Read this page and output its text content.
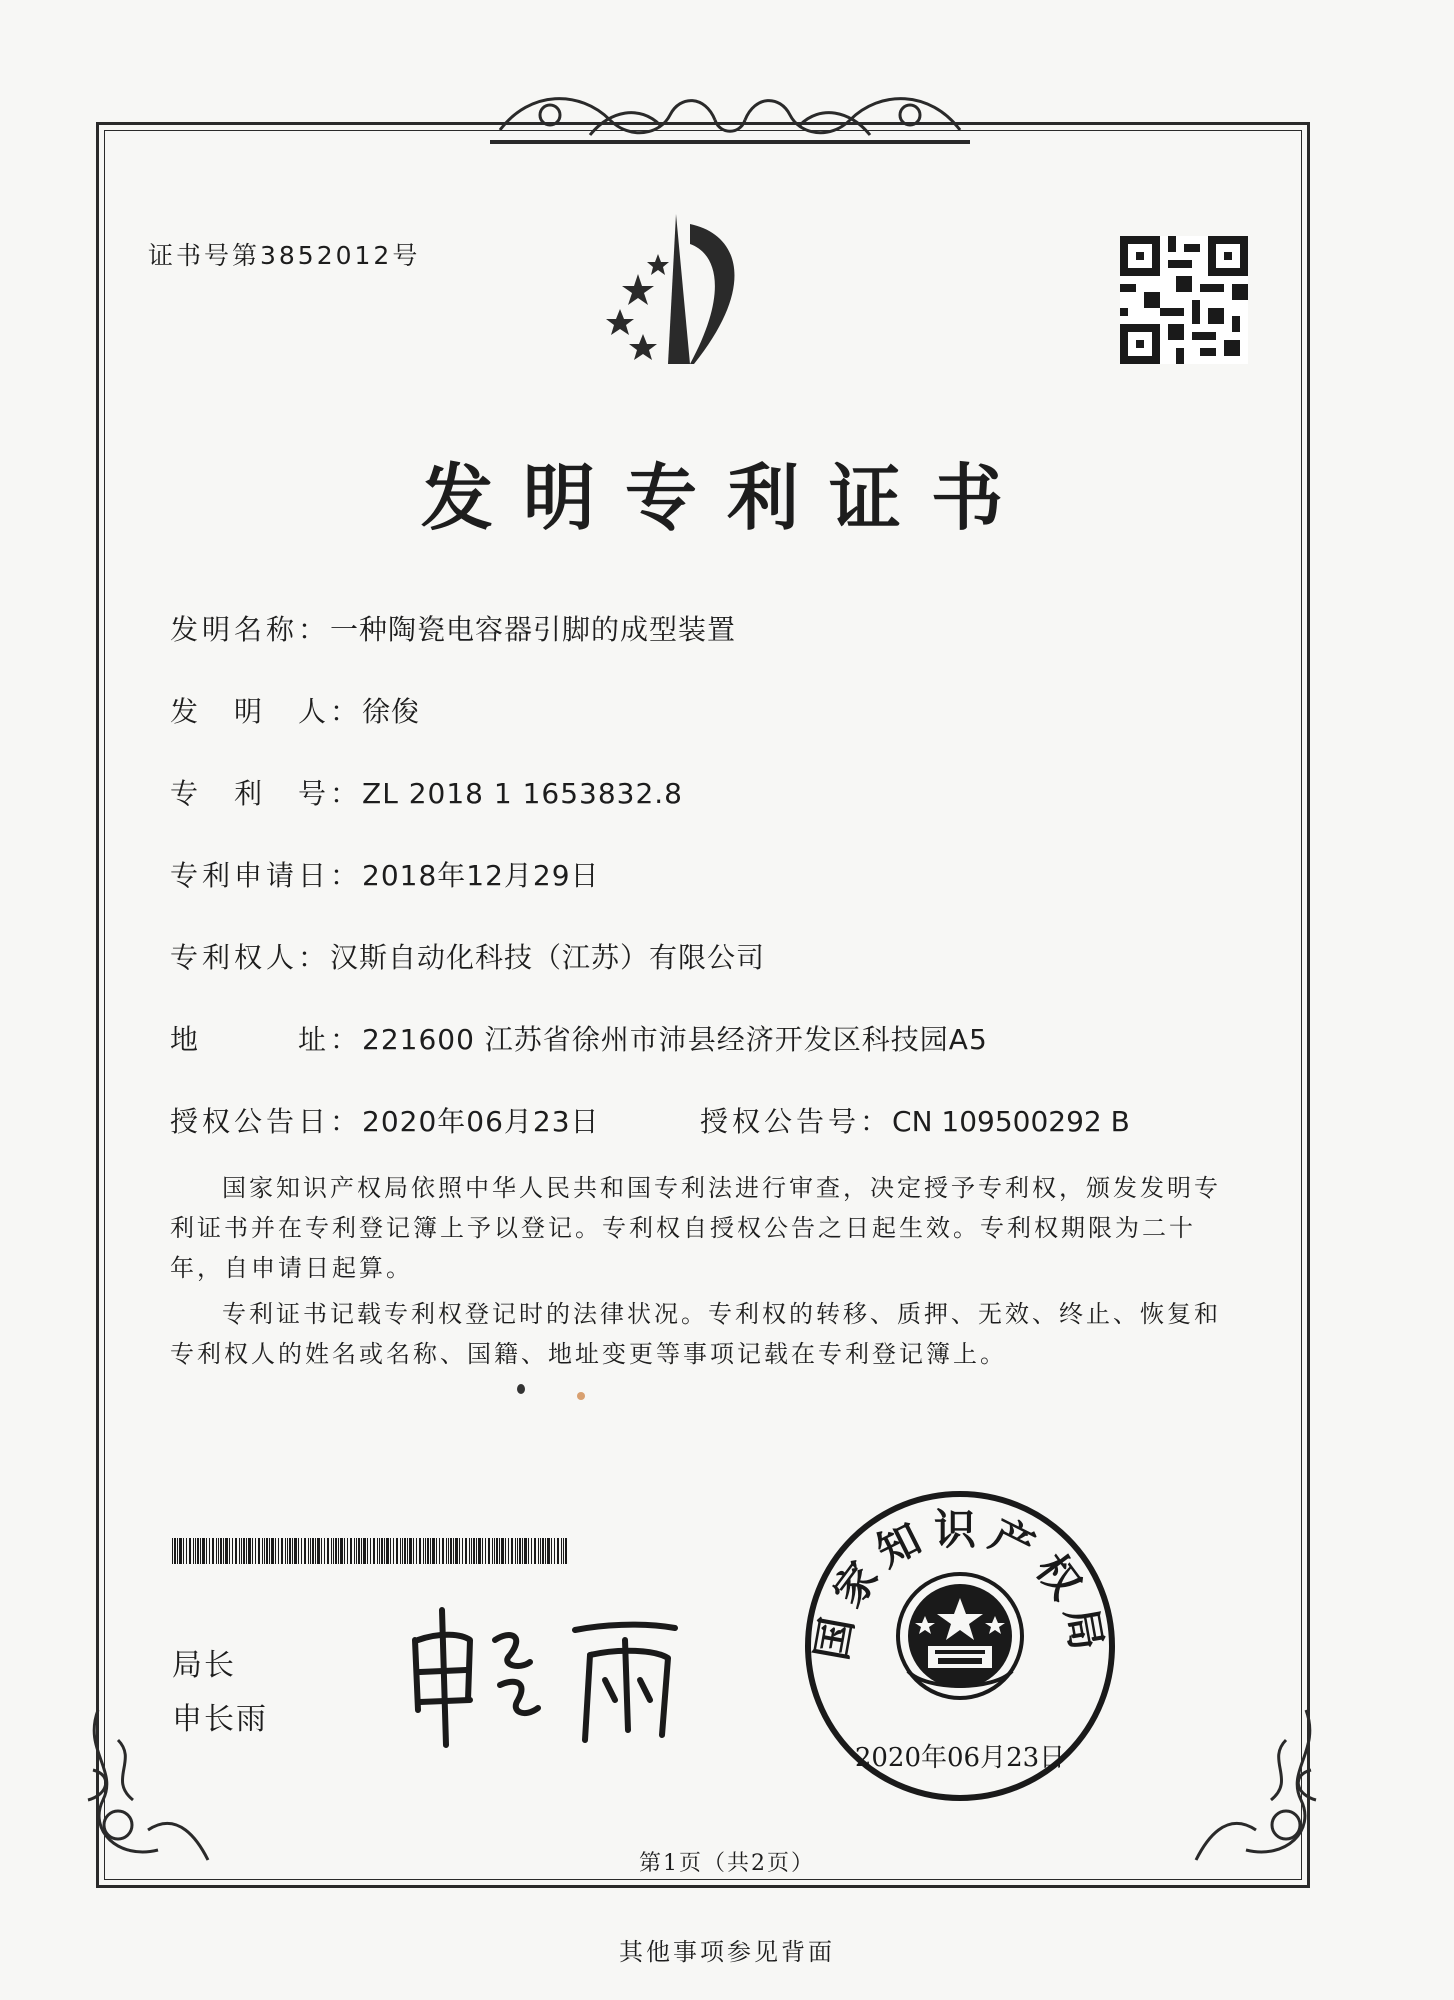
证书号第3852012号
发明专利证书
发明名称：一种陶瓷电容器引脚的成型装置
发　明　人：徐俊
专　利　号：ZL 2018 1 1653832.8
专利申请日：2018年12月29日
专利权人：汉斯自动化科技（江苏）有限公司
地　　　址：221600 江苏省徐州市沛县经济开发区科技园A5
授权公告日：2020年06月23日	授权公告号：CN 109500292 B
国家知识产权局依照中华人民共和国专利法进行审查，决定授予专利权，颁发发明专利证书并在专利登记簿上予以登记。专利权自授权公告之日起生效。专利权期限为二十年，自申请日起算。
专利证书记载专利权登记时的法律状况。专利权的转移、质押、无效、终止、恢复和专利权人的姓名或名称、国籍、地址变更等事项记载在专利登记簿上。
局长
申长雨
国家知识产权局
2020年06月23日
第1页（共2页）
其他事项参见背面
